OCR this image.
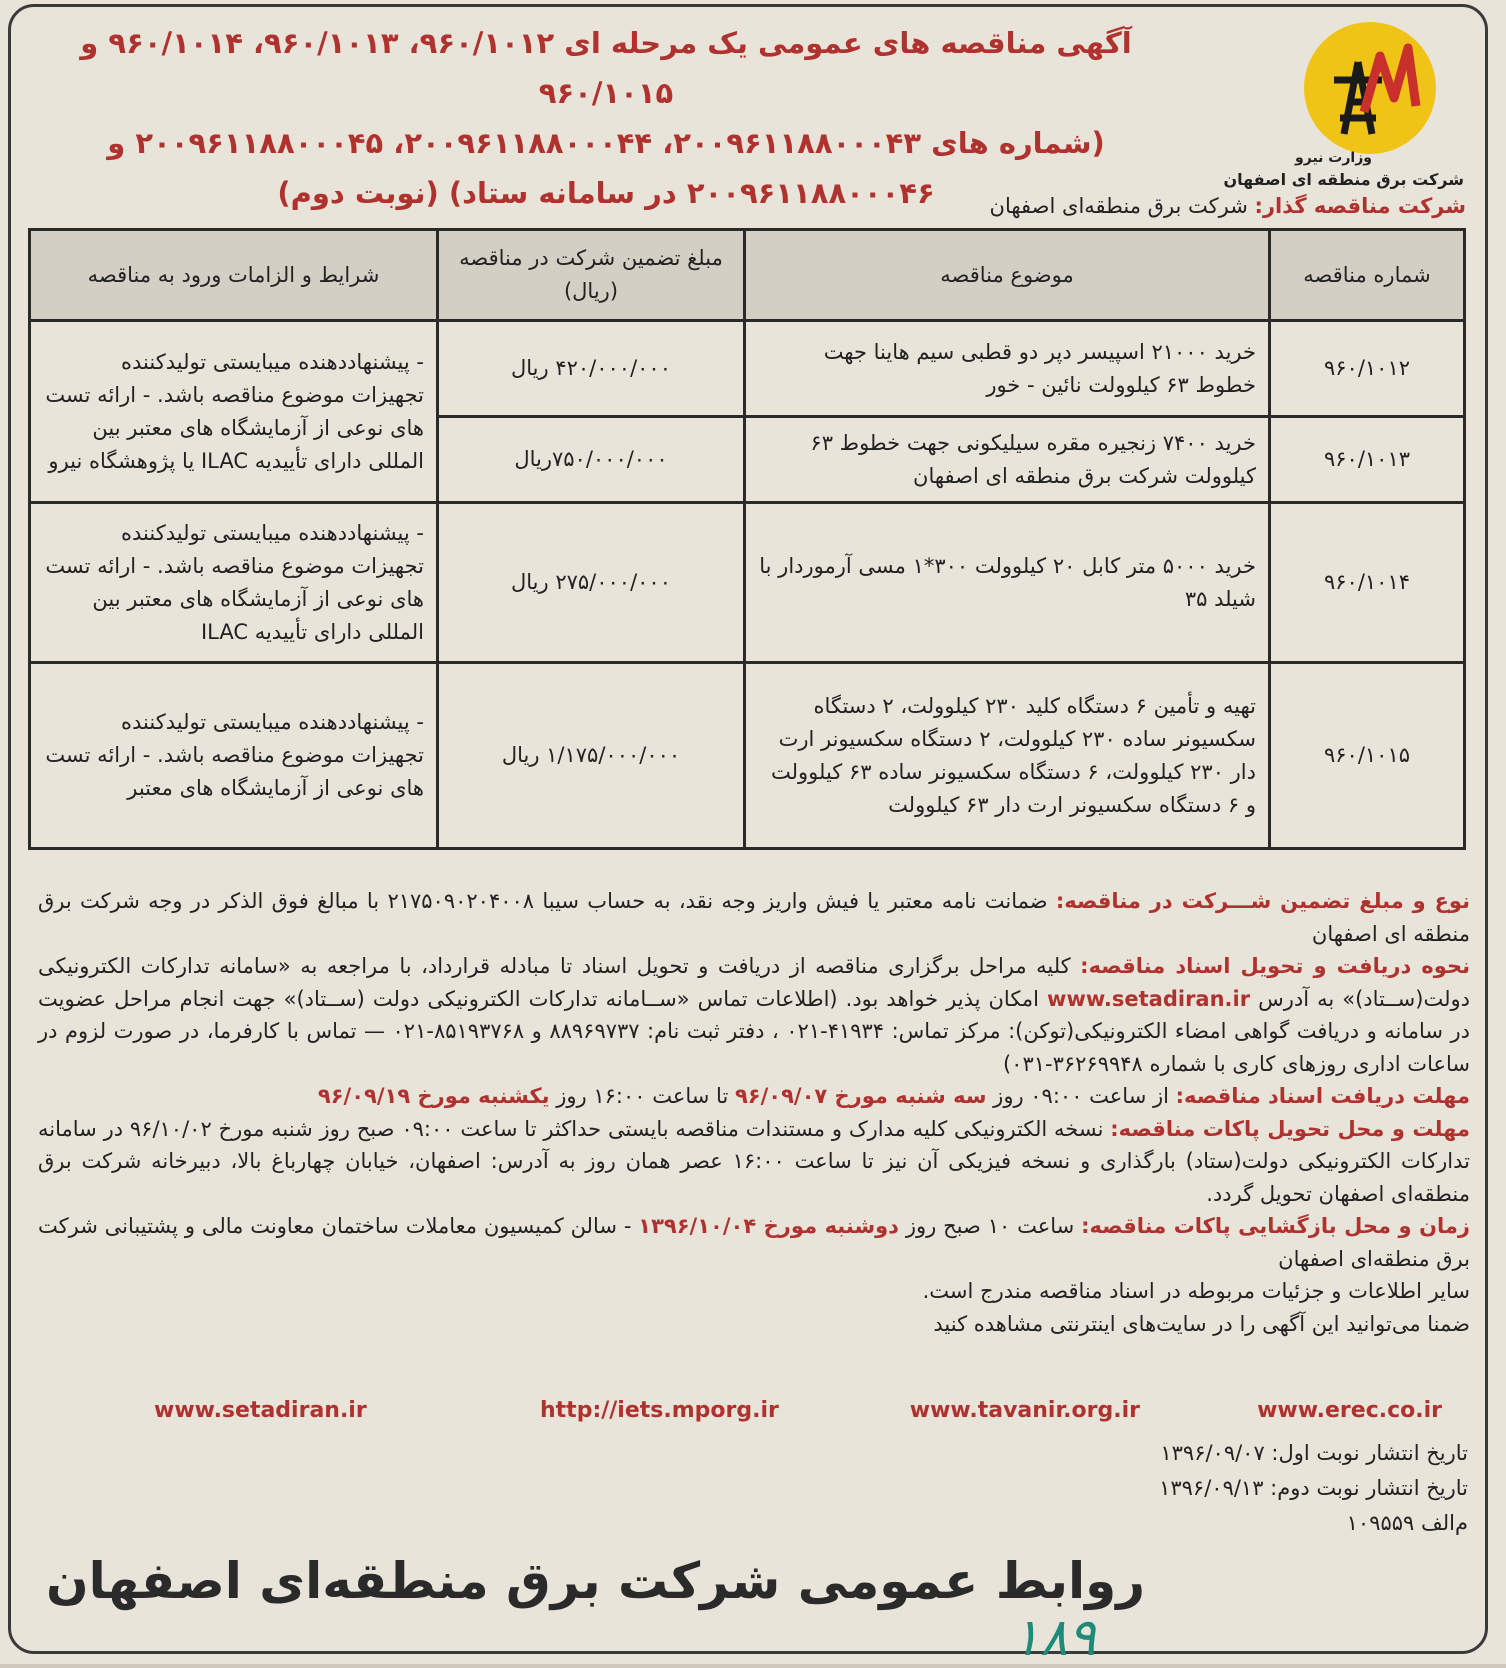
وزارت نیرو
شرکت برق منطقه ای اصفهان
آگهی مناقصه های عمومی یک مرحله ای ۹۶۰/۱۰۱۲، ۹۶۰/۱۰۱۳، ۹۶۰/۱۰۱۴ و ۹۶۰/۱۰۱۵
(شماره های ۲۰۰۹۶۱۱۸۸۰۰۰۴۳، ۲۰۰۹۶۱۱۸۸۰۰۰۴۴، ۲۰۰۹۶۱۱۸۸۰۰۰۴۵ و
۲۰۰۹۶۱۱۸۸۰۰۰۴۶ در سامانه ستاد) (نوبت دوم)	شرکت مناقصه گذار: شرکت برق منطقه‌ای اصفهان
شماره مناقصه	موضوع مناقصه	مبلغ تضمین شرکت در مناقصه (ریال)	شرایط و الزامات ورود به مناقصه
۹۶۰/۱۰۱۲	خرید ۲۱۰۰۰ اسپیسر دپر دو قطبی سیم هاینا جهت خطوط ۶۳ کیلوولت نائین - خور	۴۲۰/۰۰۰/۰۰۰ ریال	- پیشنهاددهنده میبایستی تولیدکننده تجهیزات موضوع مناقصه باشد. - ارائه تست های نوعی از آزمایشگاه های معتبر بین المللی دارای تأییدیه ILAC یا پژوهشگاه نیرو
۹۶۰/۱۰۱۳	خرید ۷۴۰۰ زنجیره مقره سیلیکونی جهت خطوط ۶۳ کیلوولت شرکت برق منطقه ای اصفهان	۷۵۰/۰۰۰/۰۰۰ریال	
۹۶۰/۱۰۱۴	خرید ۵۰۰۰ متر کابل ۲۰ کیلوولت ۳۰۰*۱ مسی آرموردار با شیلد ۳۵	۲۷۵/۰۰۰/۰۰۰ ریال	- پیشنهاددهنده میبایستی تولیدکننده تجهیزات موضوع مناقصه باشد. - ارائه تست های نوعی از آزمایشگاه های معتبر بین المللی دارای تأییدیه ILAC
۹۶۰/۱۰۱۵	تهیه و تأمین ۶ دستگاه کلید ۲۳۰ کیلوولت، ۲ دستگاه سکسیونر ساده ۲۳۰ کیلوولت، ۲ دستگاه سکسیونر ارت دار ۲۳۰ کیلوولت، ۶ دستگاه سکسیونر ساده ۶۳ کیلوولت و ۶ دستگاه سکسیونر ارت دار ۶۳ کیلوولت	۱/۱۷۵/۰۰۰/۰۰۰ ریال	- پیشنهاددهنده میبایستی تولیدکننده تجهیزات موضوع مناقصه باشد. - ارائه تست های نوعی از آزمایشگاه های معتبر

نوع و مبلغ تضمین شـــرکت در مناقصه: ضمانت نامه معتبر یا فیش واریز وجه نقد، به حساب سیبا ۲۱۷۵۰۹۰۲۰۴۰۰۸ با مبالغ فوق الذکر در وجه شرکت برق منطقه ای اصفهان

نحوه دریافت و تحویل اسناد مناقصه: کلیه مراحل برگزاری مناقصه از دریافت و تحویل اسناد تا مبادله قرارداد، با مراجعه به «سامانه تدارکات الکترونیکی دولت(ســتاد)» به آدرس www.setadiran.ir امکان پذیر خواهد بود. (اطلاعات تماس «ســامانه تدارکات الکترونیکی دولت (ســتاد)» جهت انجام مراحل عضویت در سامانه و دریافت گواهی امضاء الکترونیکی(توکن): مرکز تماس: ۴۱۹۳۴-۰۲۱ ، دفتر ثبت نام: ۸۸۹۶۹۷۳۷ و ۸۵۱۹۳۷۶۸-۰۲۱ — تماس با کارفرما، در صورت لزوم در ساعات اداری روزهای کاری با شماره ۳۶۲۶۹۹۴۸-۰۳۱)

مهلت دریافت اسناد مناقصه: از ساعت ۰۹:۰۰ روز سه شنبه مورخ ۹۶/۰۹/۰۷ تا ساعت ۱۶:۰۰ روز یکشنبه مورخ ۹۶/۰۹/۱۹

مهلت و محل تحویل پاکات مناقصه: نسخه الکترونیکی کلیه مدارک و مستندات مناقصه بایستی حداکثر تا ساعت ۰۹:۰۰ صبح روز شنبه مورخ ۹۶/۱۰/۰۲ در سامانه تدارکات الکترونیکی دولت(ستاد) بارگذاری و نسخه فیزیکی آن نیز تا ساعت ۱۶:۰۰ عصر همان روز به آدرس: اصفهان، خیابان چهارباغ بالا، دبیرخانه شرکت برق منطقه‌ای اصفهان تحویل گردد.

زمان و محل بازگشایی پاکات مناقصه: ساعت ۱۰ صبح روز دوشنبه مورخ ۱۳۹۶/۱۰/۰۴ - سالن کمیسیون معاملات ساختمان معاونت مالی و پشتیبانی شرکت برق منطقه‌ای اصفهان

سایر اطلاعات و جزئیات مربوطه در اسناد مناقصه مندرج است.

ضمنا می‌توانید این آگهی را در سایت‌های اینترنتی مشاهده کنید

www.erec.co.ir
www.tavanir.org.ir
http://iets.mporg.ir
www.setadiran.ir
تاریخ انتشار نوبت اول: ۱۳۹۶/۰۹/۰۷
تاریخ انتشار نوبت دوم: ۱۳۹۶/۰۹/۱۳
م‌الف ۱۰۹۵۵۹
روابط عمومی شرکت برق منطقه‌ای اصفهان
۱۸۹
